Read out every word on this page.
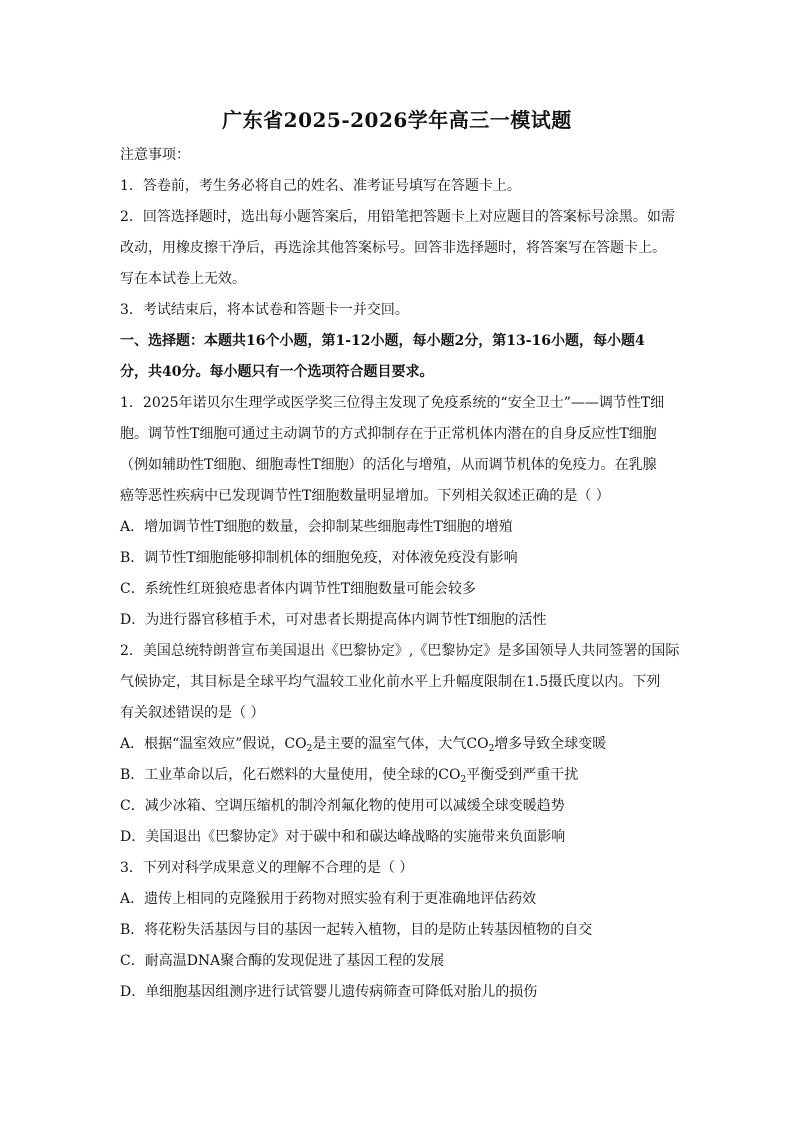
广东省2025-2026学年高三一模试题
注意事项：
1．答卷前，考生务必将自己的姓名、准考证号填写在答题卡上。
2．回答选择题时，选出每小题答案后，用铅笔把答题卡上对应题目的答案标号涂黑。如需
改动，用橡皮擦干净后，再选涂其他答案标号。回答非选择题时，将答案写在答题卡上。
写在本试卷上无效。
3．考试结束后，将本试卷和答题卡一并交回。
一、选择题：本题共16个小题，第1-12小题，每小题2分，第13-16小题，每小题4
分，共40分。每小题只有一个选项符合题目要求。
1．2025年诺贝尔生理学或医学奖三位得主发现了免疫系统的“安全卫士”——调节性T细
胞。调节性T细胞可通过主动调节的方式抑制存在于正常机体内潜在的自身反应性T细胞
（例如辅助性T细胞、细胞毒性T细胞）的活化与增殖，从而调节机体的免疫力。在乳腺
癌等恶性疾病中已发现调节性T细胞数量明显增加。下列相关叙述正确的是（ ）
A．增加调节性T细胞的数量，会抑制某些细胞毒性T细胞的增殖
B．调节性T细胞能够抑制机体的细胞免疫，对体液免疫没有影响
C．系统性红斑狼疮患者体内调节性T细胞数量可能会较多
D．为进行器官移植手术，可对患者长期提高体内调节性T细胞的活性
2．美国总统特朗普宣布美国退出《巴黎协定》,《巴黎协定》是多国领导人共同签署的国际
气候协定，其目标是全球平均气温较工业化前水平上升幅度限制在1.5摄氏度以内。下列
有关叙述错误的是（ ）
A．根据“温室效应”假说，$CO_2$是主要的温室气体，大气$CO_2$增多导致全球变暖
B．工业革命以后，化石燃料的大量使用，使全球的$CO_2$平衡受到严重干扰
C．减少冰箱、空调压缩机的制冷剂氟化物的使用可以减缓全球变暖趋势
D．美国退出《巴黎协定》对于碳中和和碳达峰战略的实施带来负面影响
3．下列对科学成果意义的理解不合理的是（ ）
A．遗传上相同的克隆猴用于药物对照实验有利于更准确地评估药效
B．将花粉失活基因与目的基因一起转入植物，目的是防止转基因植物的自交
C．耐高温DNA聚合酶的发现促进了基因工程的发展
D．单细胞基因组测序进行试管婴儿遗传病筛查可降低对胎儿的损伤
